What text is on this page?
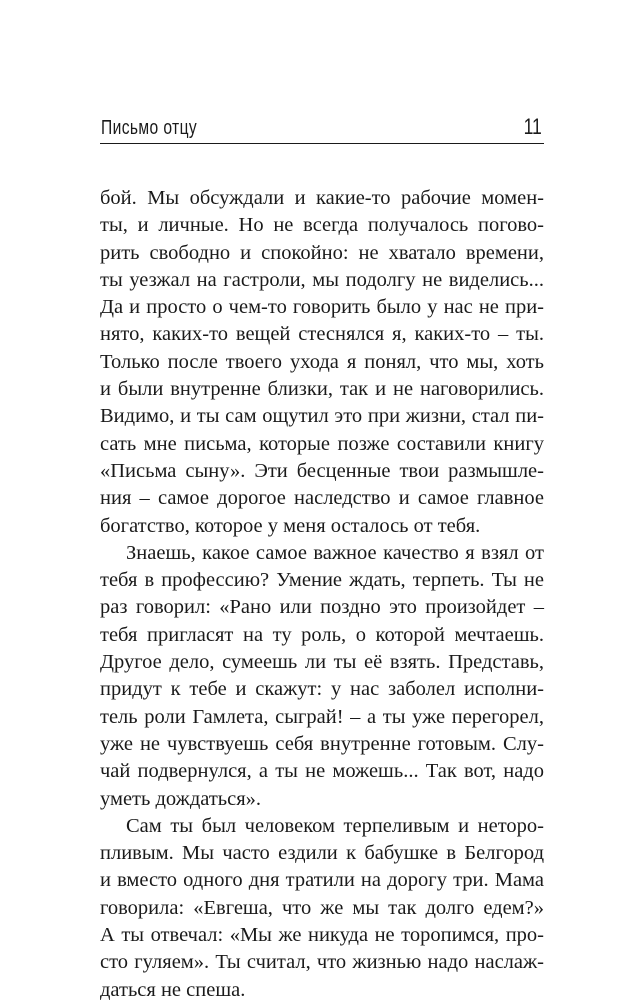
Письмо отцу	11
бой. Мы обсуждали и какие-то рабочие момен-
ты, и личные. Но не всегда получалось погово-
рить свободно и спокойно: не хватало времени,
ты уезжал на гастроли, мы подолгу не виделись...
Да и просто о чем-то говорить было у нас не при-
нято, каких-то вещей стеснялся я, каких-то – ты.
Только после твоего ухода я понял, что мы, хоть
и были внутренне близки, так и не наговорились.
Видимо, и ты сам ощутил это при жизни, стал пи-
сать мне письма, которые позже составили книгу
«Письма сыну». Эти бесценные твои размышле-
ния – самое дорогое наследство и самое главное
богатство, которое у меня осталось от тебя.
Знаешь, какое самое важное качество я взял от
тебя в профессию? Умение ждать, терпеть. Ты не
раз говорил: «Рано или поздно это произойдет –
тебя пригласят на ту роль, о которой мечтаешь.
Другое дело, сумеешь ли ты её взять. Представь,
придут к тебе и скажут: у нас заболел исполни-
тель роли Гамлета, сыграй! – а ты уже перегорел,
уже не чувствуешь себя внутренне готовым. Слу-
чай подвернулся, а ты не можешь... Так вот, надо
уметь дождаться».
Сам ты был человеком терпеливым и неторо-
пливым. Мы часто ездили к бабушке в Белгород
и вместо одного дня тратили на дорогу три. Мама
говорила: «Евгеша, что же мы так долго едем?»
А ты отвечал: «Мы же никуда не торопимся, про-
сто гуляем». Ты считал, что жизнью надо наслаж-
даться не спеша.
